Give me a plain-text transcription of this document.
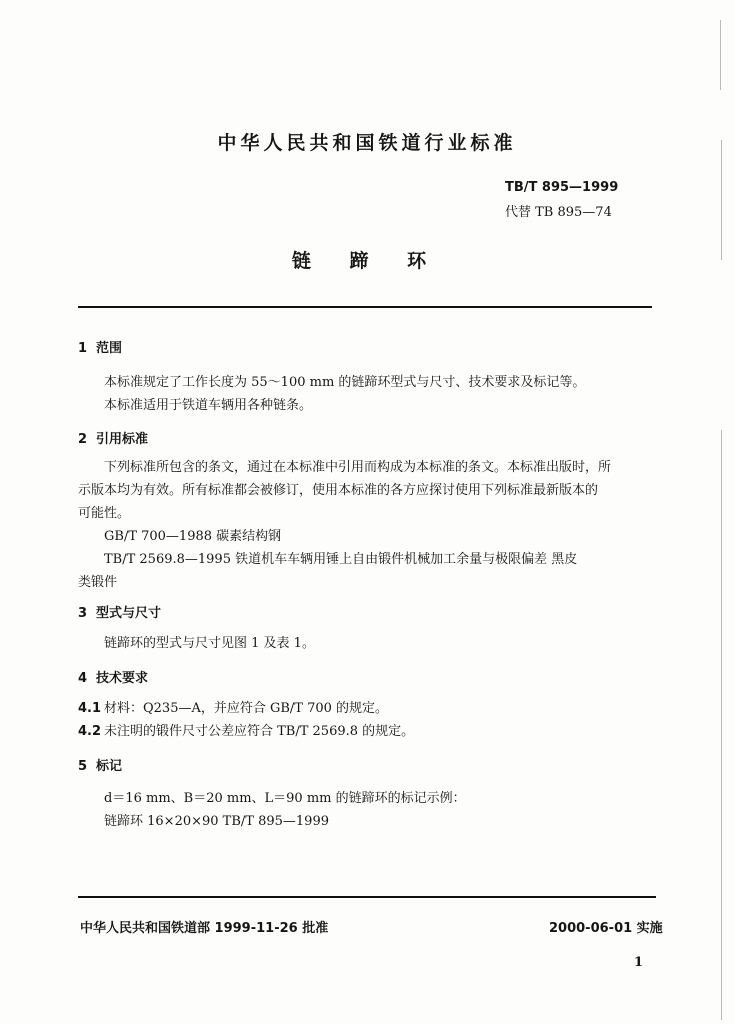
中华人民共和国铁道行业标准
TB/T 895—1999
代替 TB 895—74
链 蹄 环
1 范围
本标准规定了工作长度为 55～100 mm 的链蹄环型式与尺寸、技术要求及标记等。
本标准适用于铁道车辆用各种链条。
2 引用标准
下列标准所包含的条文，通过在本标准中引用而构成为本标准的条文。本标准出版时，所
示版本均为有效。所有标准都会被修订，使用本标准的各方应探讨使用下列标准最新版本的
可能性。
GB/T 700—1988 碳素结构钢
TB/T 2569.8—1995 铁道机车车辆用锤上自由锻件机械加工余量与极限偏差 黑皮
类锻件
3 型式与尺寸
链蹄环的型式与尺寸见图 1 及表 1。
4 技术要求
4.1 材料：Q235—A，并应符合 GB/T 700 的规定。
4.2 未注明的锻件尺寸公差应符合 TB/T 2569.8 的规定。
5 标记
d＝16 mm、B＝20 mm、L＝90 mm 的链蹄环的标记示例：
链蹄环 16×20×90 TB/T 895—1999
中华人民共和国铁道部 1999-11-26 批准	2000-06-01 实施
1
